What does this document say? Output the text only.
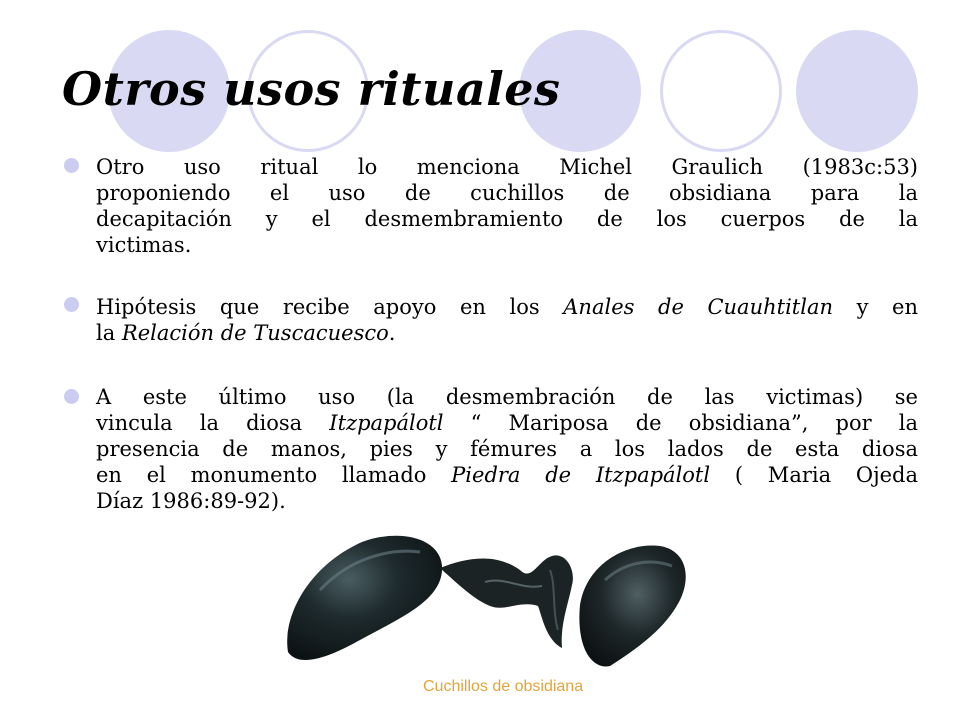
Otros usos rituales
Otro uso ritual lo menciona Michel Graulich (1983c:53)
proponiendo el uso de cuchillos de obsidiana para la
decapitación y el desmembramiento de los cuerpos de la
victimas.
Hipótesis que recibe apoyo en los Anales de Cuauhtitlan y en
la Relación de Tuscacuesco.
A este último uso (la desmembración de las victimas) se
vincula la diosa Itzpapálotl “ Mariposa de obsidiana”, por la
presencia de manos, pies y fémures a los lados de esta diosa
en el monumento llamado Piedra de Itzpapálotl ( Maria Ojeda
Díaz 1986:89-92).
Cuchillos de obsidiana
